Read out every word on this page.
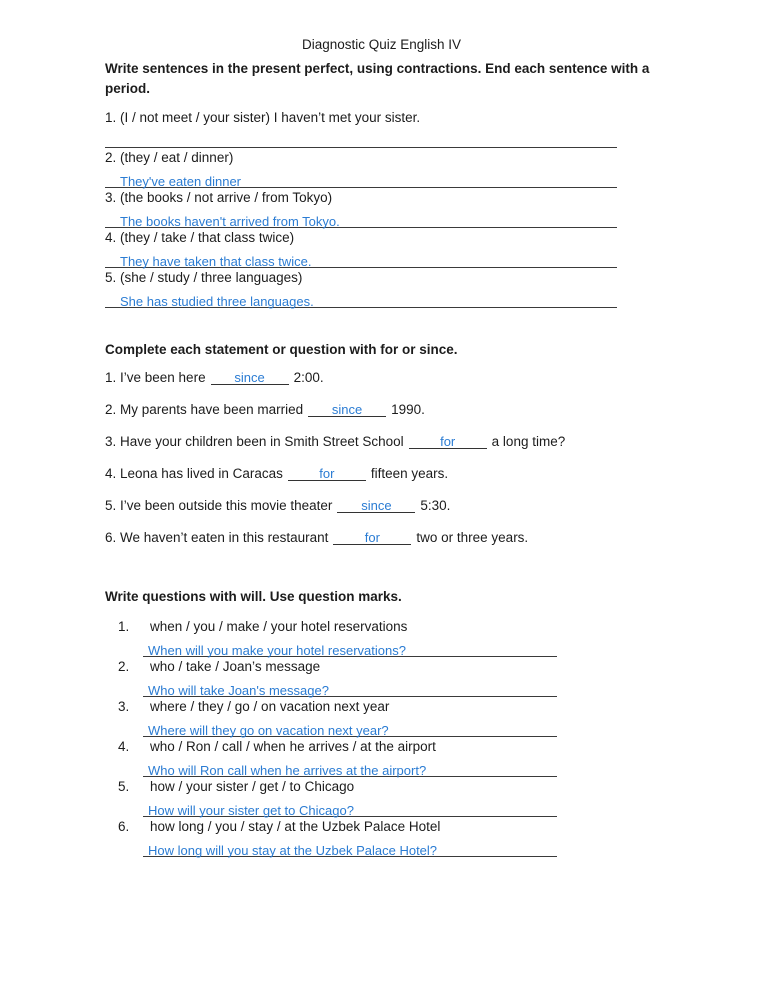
Diagnostic Quiz English IV

Write sentences in the present perfect, using contractions. End each sentence with a

period.

1. (I / not meet / your sister) I haven’t met your sister.

2. (they / eat / dinner)

They've eaten dinner

3. (the books / not arrive / from Tokyo)

The books haven't arrived from Tokyo.

4. (they / take / that class twice)

They have taken that class twice.

5. (she / study / three languages)

She has studied three languages.

Complete each statement or question with for or since.

1. I’ve been here since 2:00.

2. My parents have been married since 1990.

3. Have your children been in Smith Street School	for	a long time?

4. Leona has lived in Caracas	for	fifteen years.

5. I’ve been outside this movie theater since 5:30.

6. We haven’t eaten in this restaurant	for	two or three years.

Write questions with will. Use question marks.

1.	when / you / make / your hotel reservations
When will you make your hotel reservations?
2.	who / take / Joan’s message
Who will take Joan's message?
3.	where / they / go / on vacation next year
Where will they go on vacation next year?
4.	who / Ron / call / when he arrives / at the airport
Who will Ron call when he arrives at the airport?
5.	how / your sister / get / to Chicago
How will your sister get to Chicago?
6.	how long / you / stay / at the Uzbek Palace Hotel
How long will you stay at the Uzbek Palace Hotel?
